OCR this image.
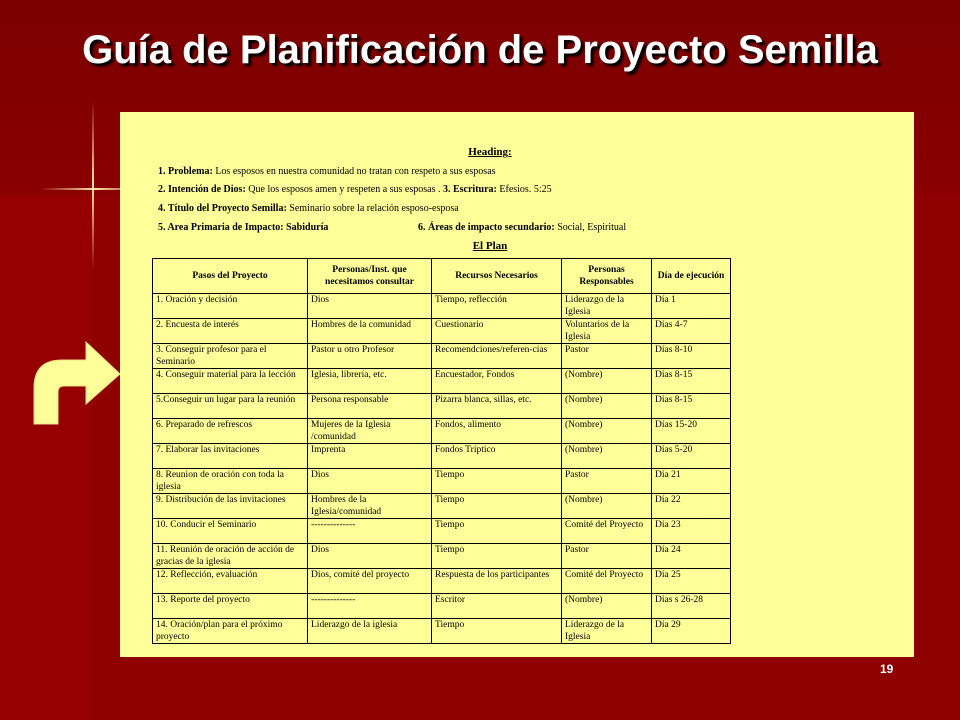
Guía de Planificación de Proyecto Semilla
Heading:
1. Problema: Los esposos en nuestra comunidad no tratan con respeto a sus esposas
2. Intención de Dios: Que los esposos amen y respeten a sus esposas . 3. Escritura: Efesios. 5:25
4. Título del Proyecto Semilla: Seminario sobre la relación esposo-esposa
5. Area Primaria de Impacto: Sabiduría	6. Áreas de impacto secundario: Social, Espiritual
El Plan
Pasos del Proyecto	Personas/Inst. que necesitamos consultar	Recursos Necesarios	Personas Responsables	Día de ejecución
1. Oración y decisión	Dios	Tiempo, reflección	Liderazgo de la Iglesia	Día 1
2. Encuesta de interés	Hombres de la comunidad	Cuestionario	Voluntarios de la Iglesia	Días 4-7
3. Conseguir profesor para el Seminario	Pastor u otro Profesor	Recomendciones/referen-cias	Pastor	Días 8-10
4. Conseguir material para la lección	Iglesia, librería, etc.	Encuestador, Fondos	(Nombre)	Días 8-15
5.Conseguir un lugar para la reunión	Persona responsable	Pizarra blanca, sillas, etc.	(Nombre)	Días 8-15
6. Preparado de refrescos	Mujeres de la Iglesia /comunidad	Fondos, alimento	(Nombre)	Días 15-20
7. Elaborar las invitaciones	Imprenta	Fondos Tríptico	(Nombre)	Días 5-20
8. Reunion de oración con toda la iglesia	Dios	Tiempo	Pastor	Día 21
9. Distribución de las invitaciones	Hombres de la Iglesia/comunidad	Tiempo	(Nombre)	Día 22
10. Conducir el Seminario	--------------	Tiempo	Comité del Proyecto	Día 23
11. Reunión de oración de acción de gracias de la iglesia	Dios	Tiempo	Pastor	Día 24
12. Reflección, evaluación	Dios, comité del proyecto	Respuesta de los participantes	Comité del Proyecto	Día 25
13. Reporte del proyecto	--------------	Escritor	(Nombre)	Días s 26-28
14. Oración/plan para el próximo proyecto	Liderazgo de la iglesia	Tiempo	Liderazgo de la Iglesia	Día 29
19
